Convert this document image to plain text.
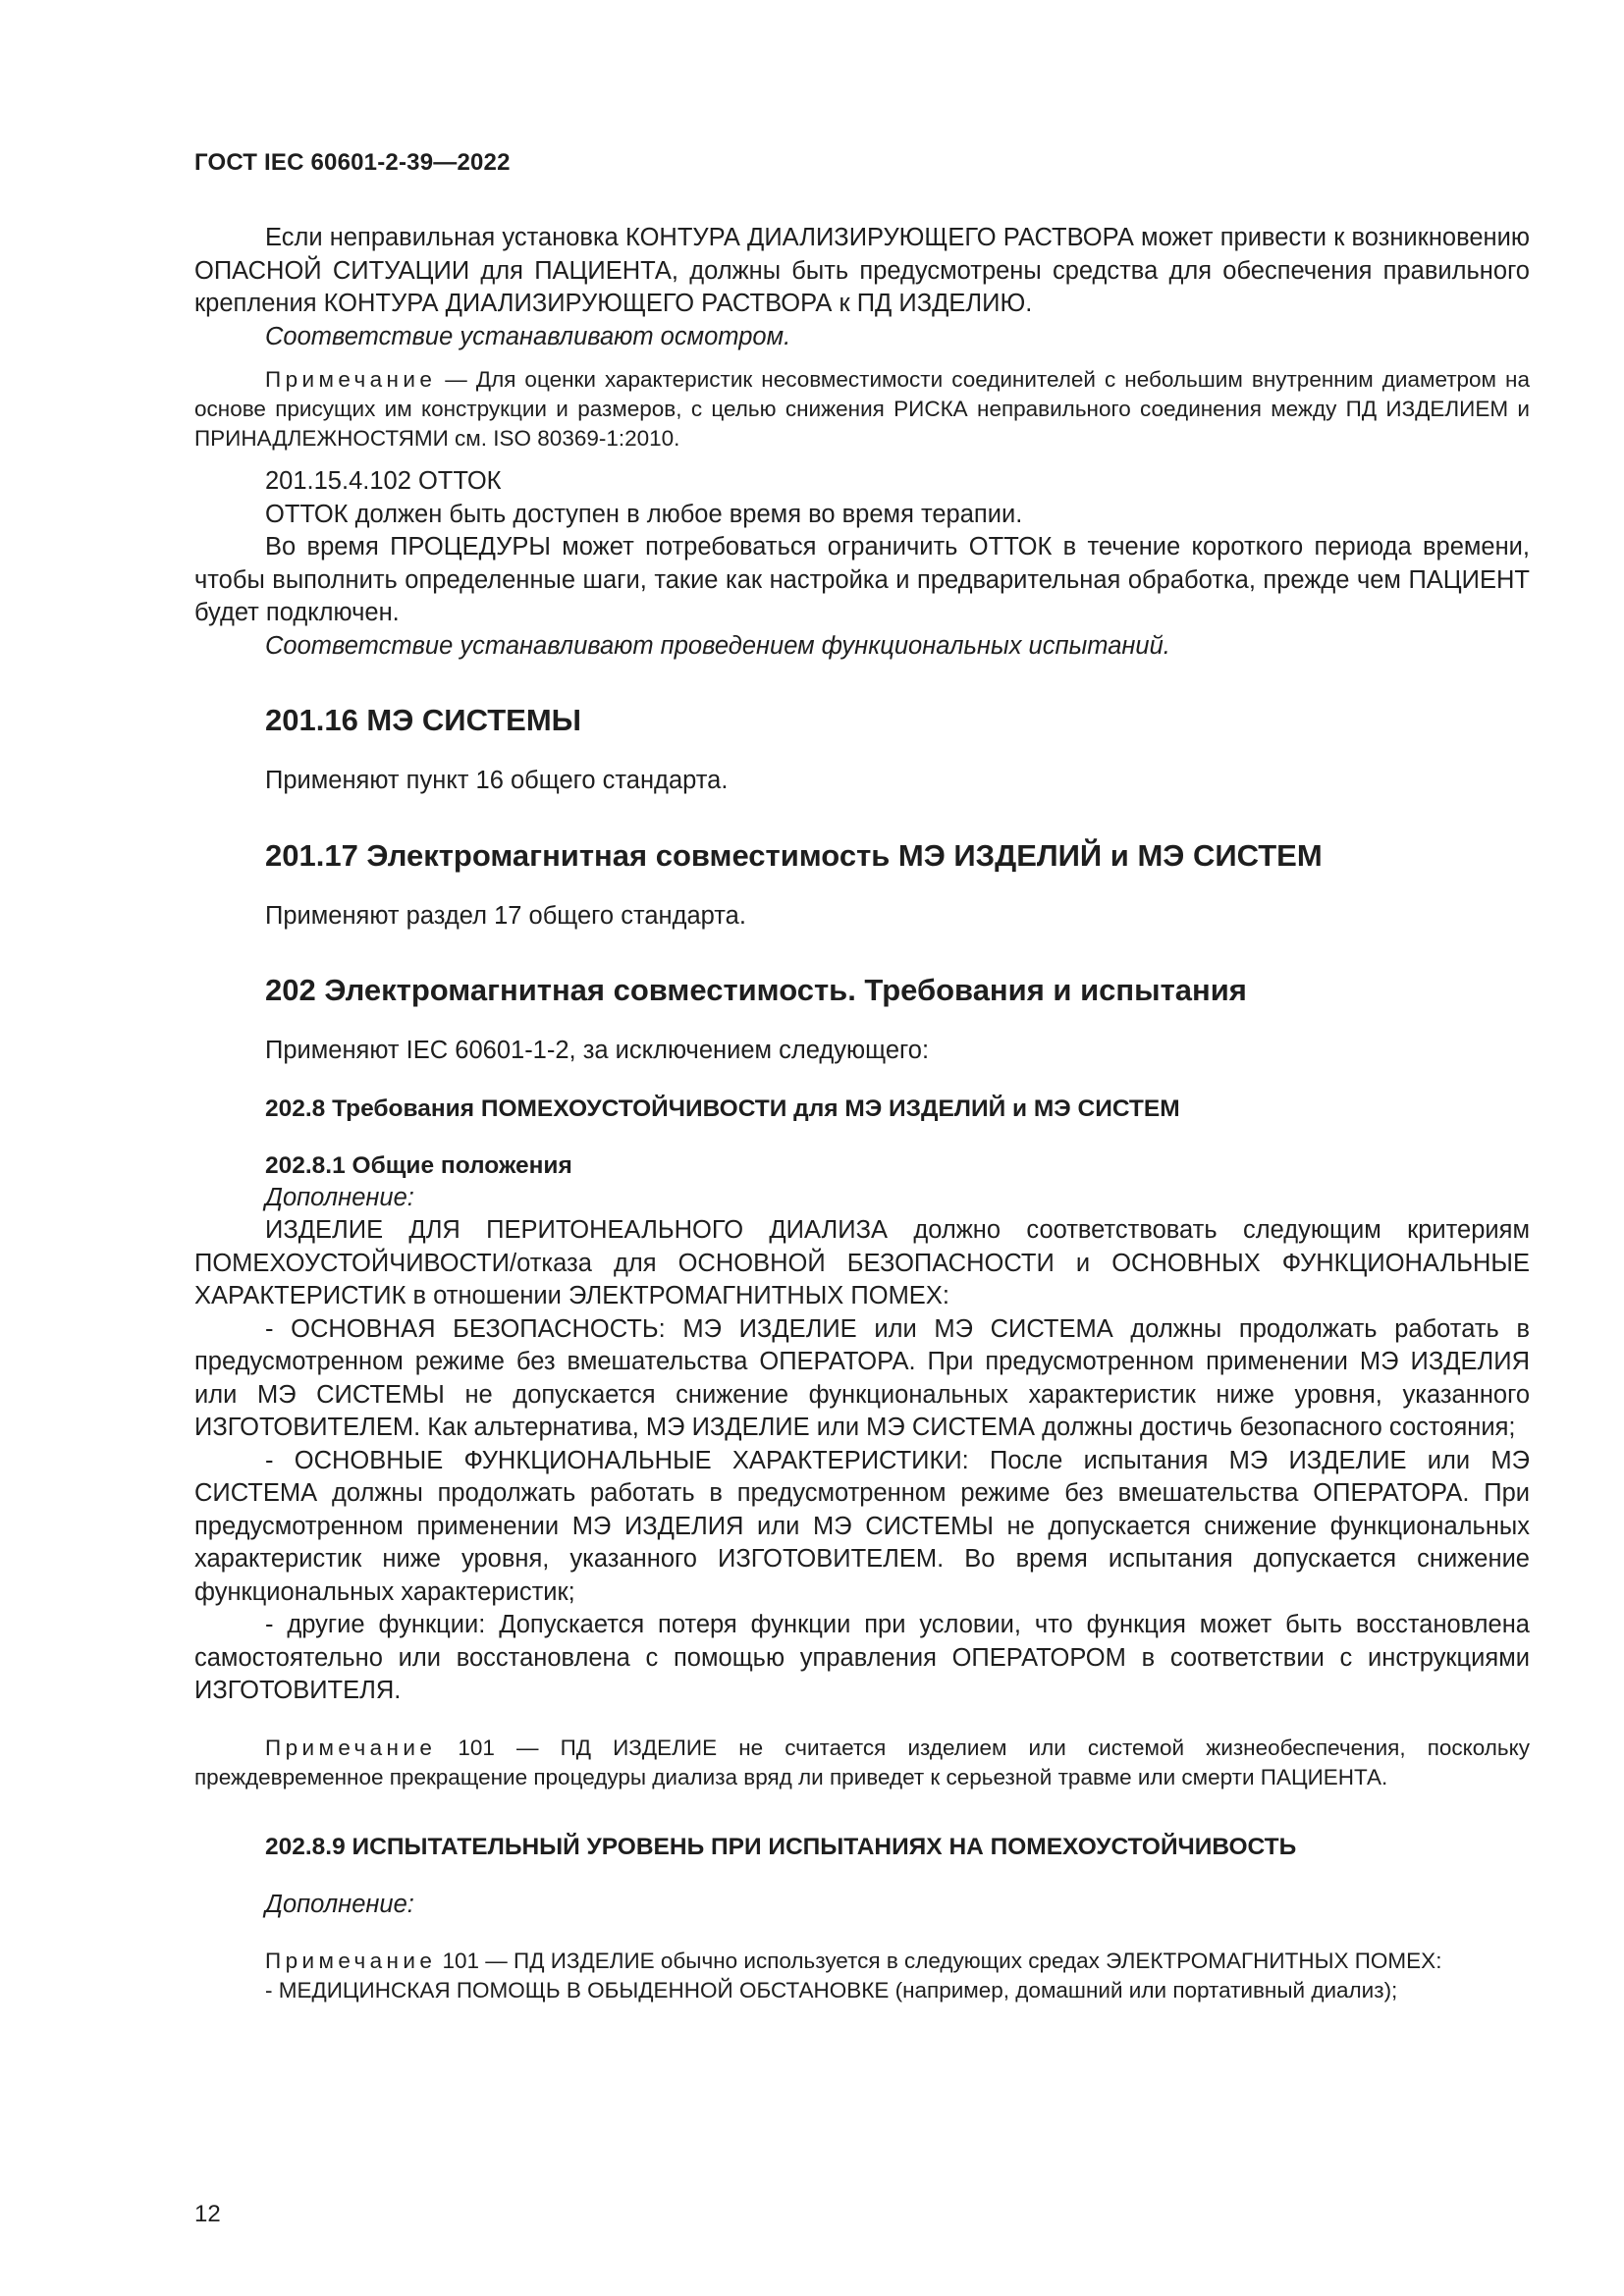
ГОСТ IEC 60601-2-39—2022

Если неправильная установка КОНТУРА ДИАЛИЗИРУЮЩЕГО РАСТВОРА может привести к возникновению ОПАСНОЙ СИТУАЦИИ для ПАЦИЕНТА, должны быть предусмотрены средства для обеспечения правильного крепления КОНТУРА ДИАЛИЗИРУЮЩЕГО РАСТВОРА к ПД ИЗДЕЛИЮ.

Соответствие устанавливают осмотром.

Примечание — Для оценки характеристик несовместимости соединителей с небольшим внутренним диаметром на основе присущих им конструкции и размеров, с целью снижения РИСКА неправильного соединения между ПД ИЗДЕЛИЕМ и ПРИНАДЛЕЖНОСТЯМИ см. ISO 80369-1:2010.

201.15.4.102 ОТТОК

ОТТОК должен быть доступен в любое время во время терапии.

Во время ПРОЦЕДУРЫ может потребоваться ограничить ОТТОК в течение короткого периода времени, чтобы выполнить определенные шаги, такие как настройка и предварительная обработка, прежде чем ПАЦИЕНТ будет подключен.

Соответствие устанавливают проведением функциональных испытаний.

201.16 МЭ СИСТЕМЫ

Применяют пункт 16 общего стандарта.

201.17 Электромагнитная совместимость МЭ ИЗДЕЛИЙ и МЭ СИСТЕМ

Применяют раздел 17 общего стандарта.

202 Электромагнитная совместимость. Требования и испытания

Применяют IEC 60601-1-2, за исключением следующего:

202.8 Требования ПОМЕХОУСТОЙЧИВОСТИ для МЭ ИЗДЕЛИЙ и МЭ СИСТЕМ

202.8.1 Общие положения

Дополнение:

ИЗДЕЛИЕ ДЛЯ ПЕРИТОНЕАЛЬНОГО ДИАЛИЗА должно соответствовать следующим критериям ПОМЕХОУСТОЙЧИВОСТИ/отказа для ОСНОВНОЙ БЕЗОПАСНОСТИ и ОСНОВНЫХ ФУНКЦИОНАЛЬНЫЕ ХАРАКТЕРИСТИК в отношении ЭЛЕКТРОМАГНИТНЫХ ПОМЕХ:

- ОСНОВНАЯ БЕЗОПАСНОСТЬ: МЭ ИЗДЕЛИЕ или МЭ СИСТЕМА должны продолжать работать в предусмотренном режиме без вмешательства ОПЕРАТОРА. При предусмотренном применении МЭ ИЗДЕЛИЯ или МЭ СИСТЕМЫ не допускается снижение функциональных характеристик ниже уровня, указанного ИЗГОТОВИТЕЛЕМ. Как альтернатива, МЭ ИЗДЕЛИЕ или МЭ СИСТЕМА должны достичь безопасного состояния;

- ОСНОВНЫЕ ФУНКЦИОНАЛЬНЫЕ ХАРАКТЕРИСТИКИ: После испытания МЭ ИЗДЕЛИЕ или МЭ СИСТЕМА должны продолжать работать в предусмотренном режиме без вмешательства ОПЕРАТОРА. При предусмотренном применении МЭ ИЗДЕЛИЯ или МЭ СИСТЕМЫ не допускается снижение функциональных характеристик ниже уровня, указанного ИЗГОТОВИТЕЛЕМ. Во время испытания допускается снижение функциональных характеристик;

- другие функции: Допускается потеря функции при условии, что функция может быть восстановлена самостоятельно или восстановлена с помощью управления ОПЕРАТОРОМ в соответствии с инструкциями ИЗГОТОВИТЕЛЯ.

Примечание 101 — ПД ИЗДЕЛИЕ не считается изделием или системой жизнеобеспечения, поскольку преждевременное прекращение процедуры диализа вряд ли приведет к серьезной травме или смерти ПАЦИЕНТА.

202.8.9 ИСПЫТАТЕЛЬНЫЙ УРОВЕНЬ ПРИ ИСПЫТАНИЯХ НА ПОМЕХОУСТОЙЧИВОСТЬ

Дополнение:

Примечание 101 — ПД ИЗДЕЛИЕ обычно используется в следующих средах ЭЛЕКТРОМАГНИТНЫХ ПОМЕХ:

- МЕДИЦИНСКАЯ ПОМОЩЬ В ОБЫДЕННОЙ ОБСТАНОВКЕ (например, домашний или портативный диализ);

12
